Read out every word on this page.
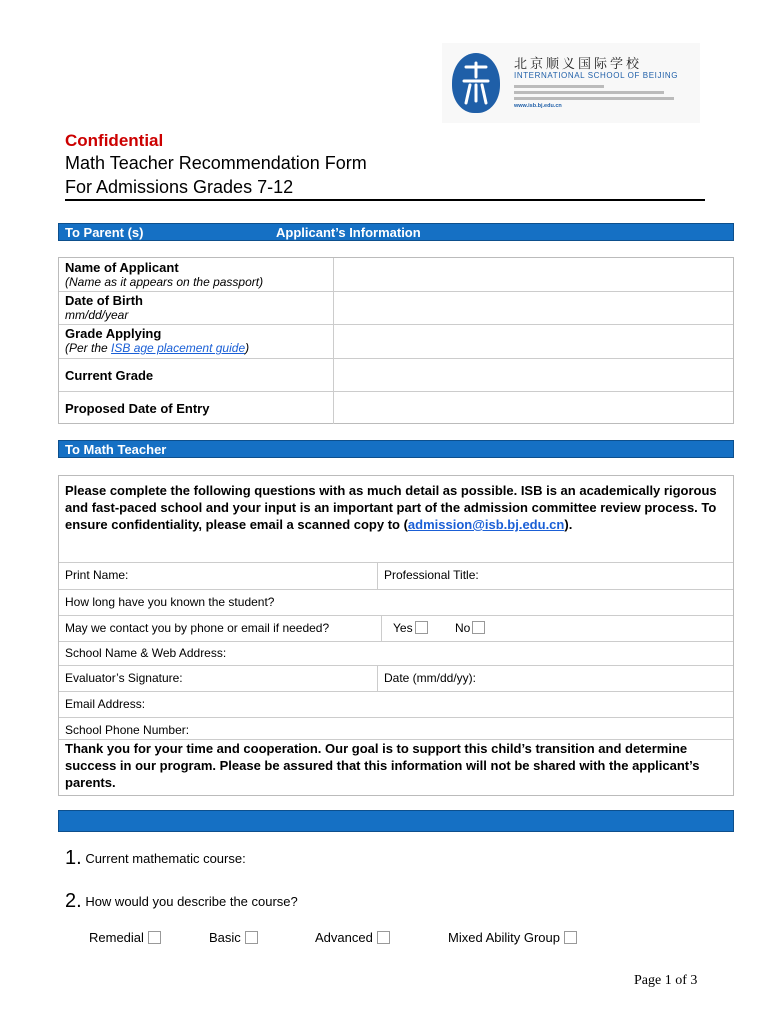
北京顺义国际学校
INTERNATIONAL SCHOOL OF BEIJING
www.isb.bj.edu.cn
Confidential
Math Teacher Recommendation Form
For Admissions Grades 7-12
To Parent (s)	Applicant’s Information
Name of Applicant
(Name as it appears on the passport)
Date of Birth
mm/dd/year
Grade Applying
(Per the ISB age placement guide)
Current Grade
Proposed Date of Entry
To Math Teacher
Please complete the following questions with as much detail as possible. ISB is an academically rigorous and fast-paced school and your input is an important part of the admission committee review process. To ensure confidentiality, please email a scanned copy to (admission@isb.bj.edu.cn).
Print Name:	Professional Title:
How long have you known the student?
May we contact you by phone or email if needed?	Yes	No
School Name & Web Address:
Evaluator’s Signature:	Date (mm/dd/yy):
Email Address:
School Phone Number:
Thank you for your time and cooperation. Our goal is to support this child’s transition and determine success in our program. Please be assured that this information will not be shared with the applicant’s parents.
1. Current mathematic course:
2. How would you describe the course?
Remedial	Basic	Advanced	Mixed Ability Group
Page 1 of 3
